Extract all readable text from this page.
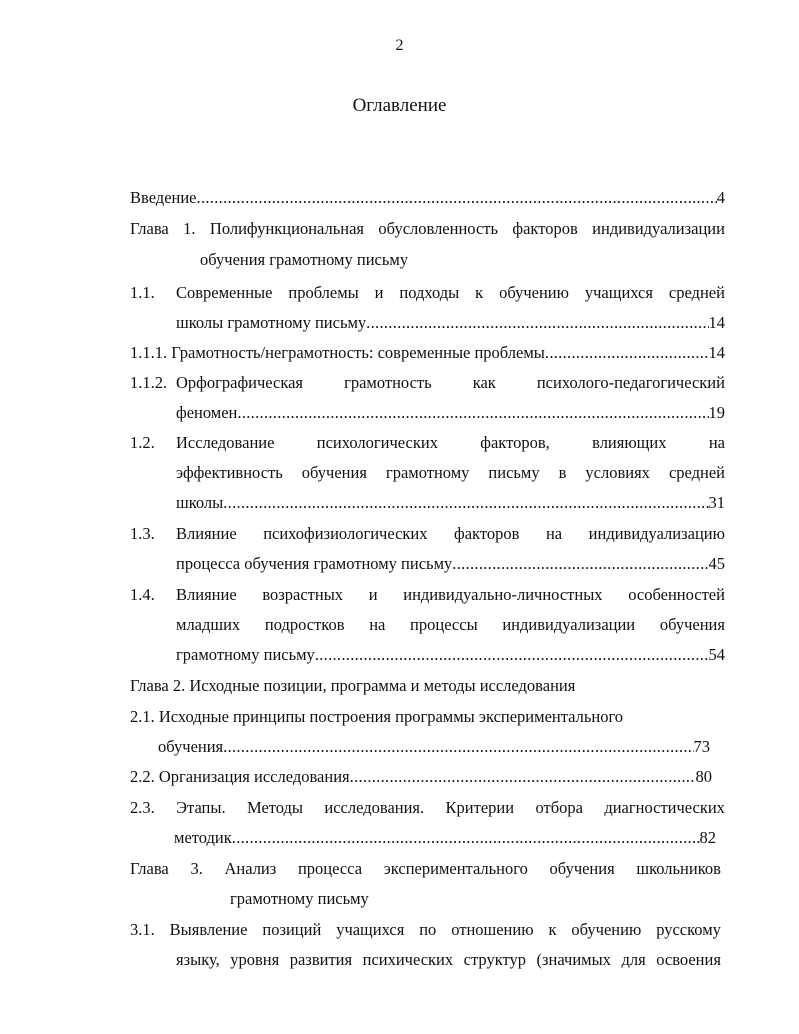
2
Оглавление
Введение .....	4
Глава 1. Полифункциональная обусловленность факторов индивидуализации
обучения грамотному письму
1.1. Современные проблемы и подходы к обучению учащихся средней
школы грамотному письму .....	14
1.1.1. Грамотность/неграмотность: современные проблемы .....	14
1.1.2. Орфографическая грамотность как психолого-педагогический
феномен .....	19
1.2. Исследование	психологических	факторов,	влияющих	на
эффективность обучения грамотному письму в условиях средней
школы .....	31
1.3. Влияние психофизиологических факторов на индивидуализацию
процесса обучения грамотному письму .....	45
1.4. Влияние возрастных и индивидуально-личностных особенностей
младших подростков на процессы индивидуализации обучения
грамотному письму .....	54
Глава 2. Исходные позиции, программа и методы исследования
2.1. Исходные принципы построения программы экспериментального
обучения .....	73
2.2. Организация исследования .....	80
2.3. Этапы. Методы исследования. Критерии отбора диагностических
методик .....	82
Глава 3. Анализ процесса экспериментального обучения школьников
грамотному письму
3.1. Выявление позиций учащихся по отношению к обучению русскому
языку, уровня развития психических структур (значимых для освоения
